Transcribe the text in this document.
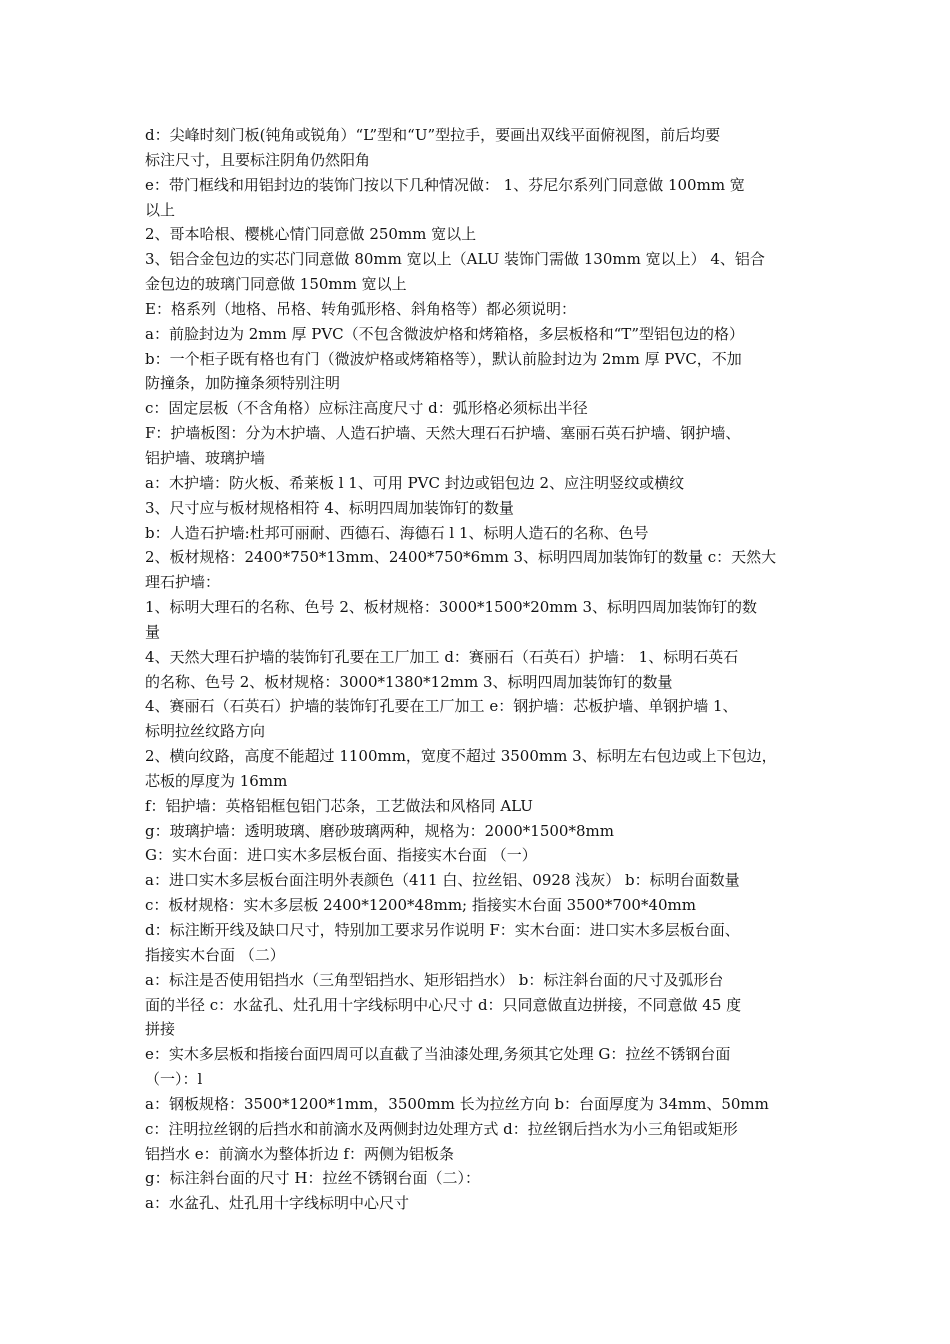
d：尖峰时刻门板(钝角或锐角）“L”型和“U”型拉手，要画出双线平面俯视图，前后均要
标注尺寸，且要标注阴角仍然阳角
e：带门框线和用铝封边的装饰门按以下几种情况做： 1、芬尼尔系列门同意做 100mm 宽
以上
2、哥本哈根、樱桃心情门同意做 250mm 宽以上
3、铝合金包边的实芯门同意做 80mm 宽以上（ALU 装饰门需做 130mm 宽以上） 4、铝合
金包边的玻璃门同意做 150mm 宽以上
E：格系列（地格、吊格、转角弧形格、斜角格等）都必须说明：
a：前脸封边为 2mm 厚 PVC（不包含微波炉格和烤箱格，多层板格和“T”型铝包边的格）
b：一个柜子既有格也有门（微波炉格或烤箱格等），默认前脸封边为 2mm 厚 PVC，不加
防撞条，加防撞条须特别注明
c：固定层板（不含角格）应标注高度尺寸 d：弧形格必须标出半径
F：护墙板图：分为木护墙、人造石护墙、天然大理石石护墙、塞丽石英石护墙、钢护墙、
铝护墙、玻璃护墙
a：木护墙：防火板、希莱板 l 1、可用 PVC 封边或铝包边 2、应注明竖纹或横纹
3、尺寸应与板材规格相符 4、标明四周加装饰钉的数量
b：人造石护墙:杜邦可丽耐、西德石、海德石 l 1、标明人造石的名称、色号
2、板材规格：2400*750*13mm、2400*750*6mm 3、标明四周加装饰钉的数量 c：天然大
理石护墙：
1、标明大理石的名称、色号 2、板材规格：3000*1500*20mm 3、标明四周加装饰钉的数
量
4、天然大理石护墙的装饰钉孔要在工厂加工 d：赛丽石（石英石）护墙： 1、标明石英石
的名称、色号 2、板材规格：3000*1380*12mm 3、标明四周加装饰钉的数量
4、赛丽石（石英石）护墙的装饰钉孔要在工厂加工 e：钢护墙：芯板护墙、单钢护墙 1、
标明拉丝纹路方向
2、横向纹路，高度不能超过 1100mm，宽度不超过 3500mm 3、标明左右包边或上下包边，
芯板的厚度为 16mm
f：铝护墙：英格铝框包铝门芯条，工艺做法和风格同 ALU
g：玻璃护墙：透明玻璃、磨砂玻璃两种，规格为：2000*1500*8mm
G：实木台面：进口实木多层板台面、指接实木台面 （一）
a：进口实木多层板台面注明外表颜色（411 白、拉丝铝、0928 浅灰） b：标明台面数量
c：板材规格：实木多层板 2400*1200*48mm; 指接实木台面 3500*700*40mm
d：标注断开线及缺口尺寸，特别加工要求另作说明 F：实木台面：进口实木多层板台面、
指接实木台面 （二）
a：标注是否使用铝挡水（三角型铝挡水、矩形铝挡水） b：标注斜台面的尺寸及弧形台
面的半径 c：水盆孔、灶孔用十字线标明中心尺寸 d：只同意做直边拼接，不同意做 45 度
拼接
e：实木多层板和指接台面四周可以直截了当油漆处理,务须其它处理 G：拉丝不锈钢台面
（一）：l
a：钢板规格：3500*1200*1mm，3500mm 长为拉丝方向 b：台面厚度为 34mm、50mm
c：注明拉丝钢的后挡水和前滴水及两侧封边处理方式 d：拉丝钢后挡水为小三角铝或矩形
铝挡水 e：前滴水为整体折边 f：两侧为铝板条
g：标注斜台面的尺寸 H：拉丝不锈钢台面（二）：
a：水盆孔、灶孔用十字线标明中心尺寸
